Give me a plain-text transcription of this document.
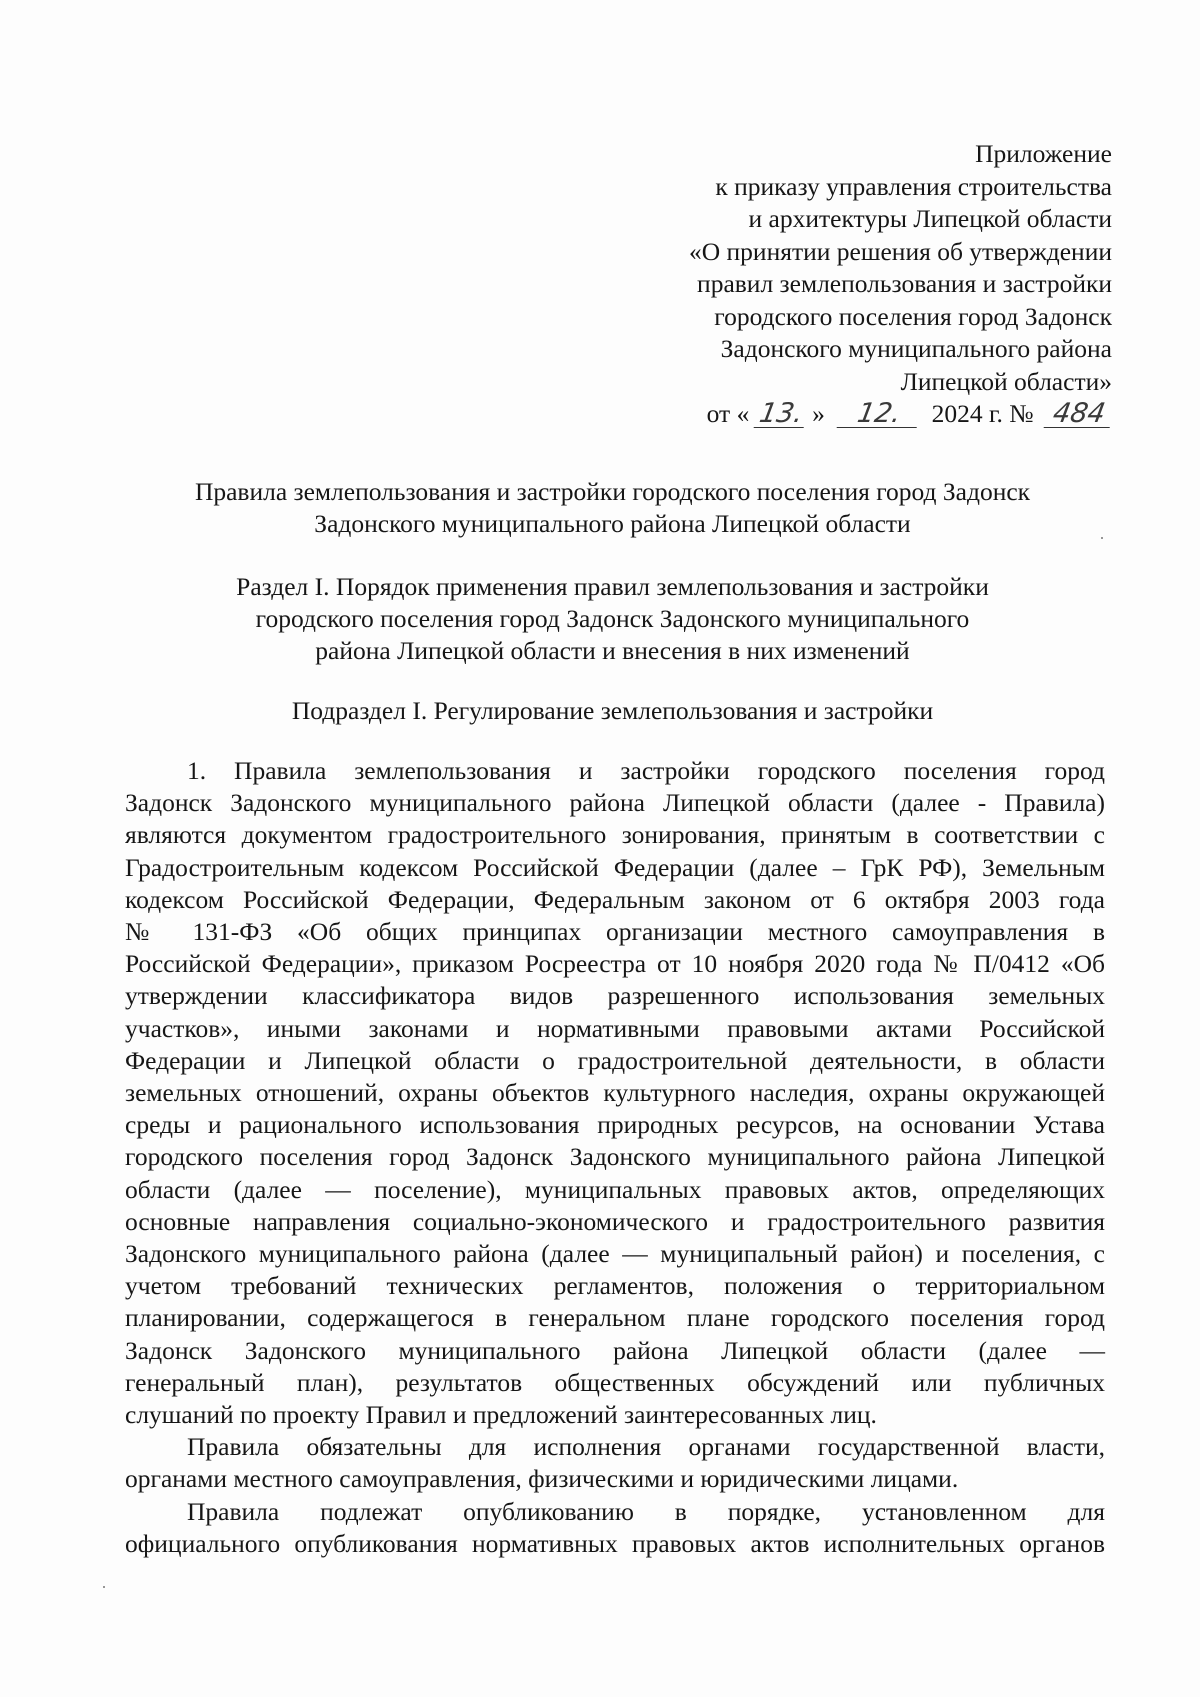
Приложение
к приказу управления строительства
и архитектуры Липецкой области
«О принятии решения об утверждении
правил землепользования и застройки
городского поселения город Задонск
Задонского муниципального района
Липецкой области»
от « 13. » 12. 2024 г. № 484
Правила землепользования и застройки городского поселения город Задонск
Задонского муниципального района Липецкой области
Раздел I. Порядок применения правил землепользования и застройки
городского поселения город Задонск Задонского муниципального
района Липецкой области и внесения в них изменений
Подраздел I. Регулирование землепользования и застройки
1. Правила землепользования и застройки городского поселения город
Задонск Задонского муниципального района Липецкой области (далее - Правила)
являются документом градостроительного зонирования, принятым в соответствии с
Градостроительным кодексом Российской Федерации (далее – ГрК РФ), Земельным
кодексом Российской Федерации, Федеральным законом от 6 октября 2003 года
№ 131-ФЗ «Об общих принципах организации местного самоуправления в
Российской Федерации», приказом Росреестра от 10 ноября 2020 года № П/0412 «Об
утверждении классификатора видов разрешенного использования земельных
участков», иными законами и нормативными правовыми актами Российской
Федерации и Липецкой области о градостроительной деятельности, в области
земельных отношений, охраны объектов культурного наследия, охраны окружающей
среды и рационального использования природных ресурсов, на основании Устава
городского поселения город Задонск Задонского муниципального района Липецкой
области (далее — поселение), муниципальных правовых актов, определяющих
основные направления социально-экономического и градостроительного развития
Задонского муниципального района (далее — муниципальный район) и поселения, с
учетом требований технических регламентов, положения о территориальном
планировании, содержащегося в генеральном плане городского поселения город
Задонск Задонского муниципального района Липецкой области (далее —
генеральный план), результатов общественных обсуждений или публичных
слушаний по проекту Правил и предложений заинтересованных лиц.
Правила обязательны для исполнения органами государственной власти,
органами местного самоуправления, физическими и юридическими лицами.
Правила подлежат опубликованию в порядке, установленном для
официального опубликования нормативных правовых актов исполнительных органов
